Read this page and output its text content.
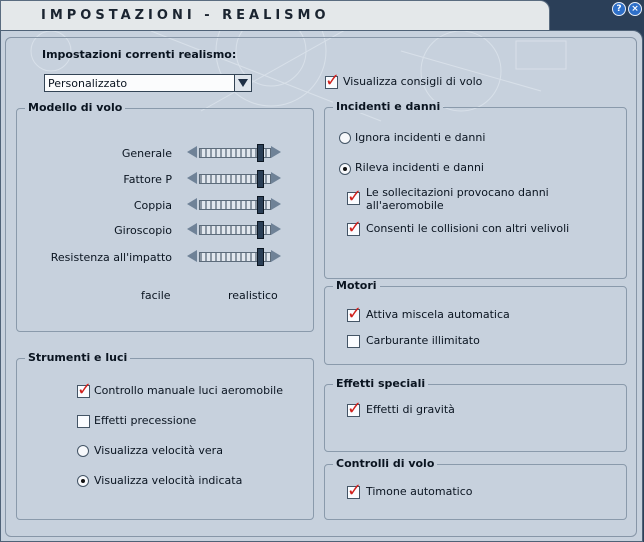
IMPOSTAZIONI - REALISMO	?	×
Impostazioni correnti realismo:
Personalizzato	✓ Visualizza consigli di volo
Modello di volo
Generale
Fattore P
Coppia
Giroscopio
Resistenza all'impatto
facile	realistico
Strumenti e luci
✓ Controllo manuale luci aeromobile
Effetti precessione
Visualizza velocità vera
Visualizza velocità indicata
Incidenti e danni
Ignora incidenti e danni
Rileva incidenti e danni
✓ Le sollecitazioni provocano danni all'aeromobile
✓ Consenti le collisioni con altri velivoli
Motori
✓ Attiva miscela automatica
Carburante illimitato
Effetti speciali
✓ Effetti di gravità
Controlli di volo
✓ Timone automatico
